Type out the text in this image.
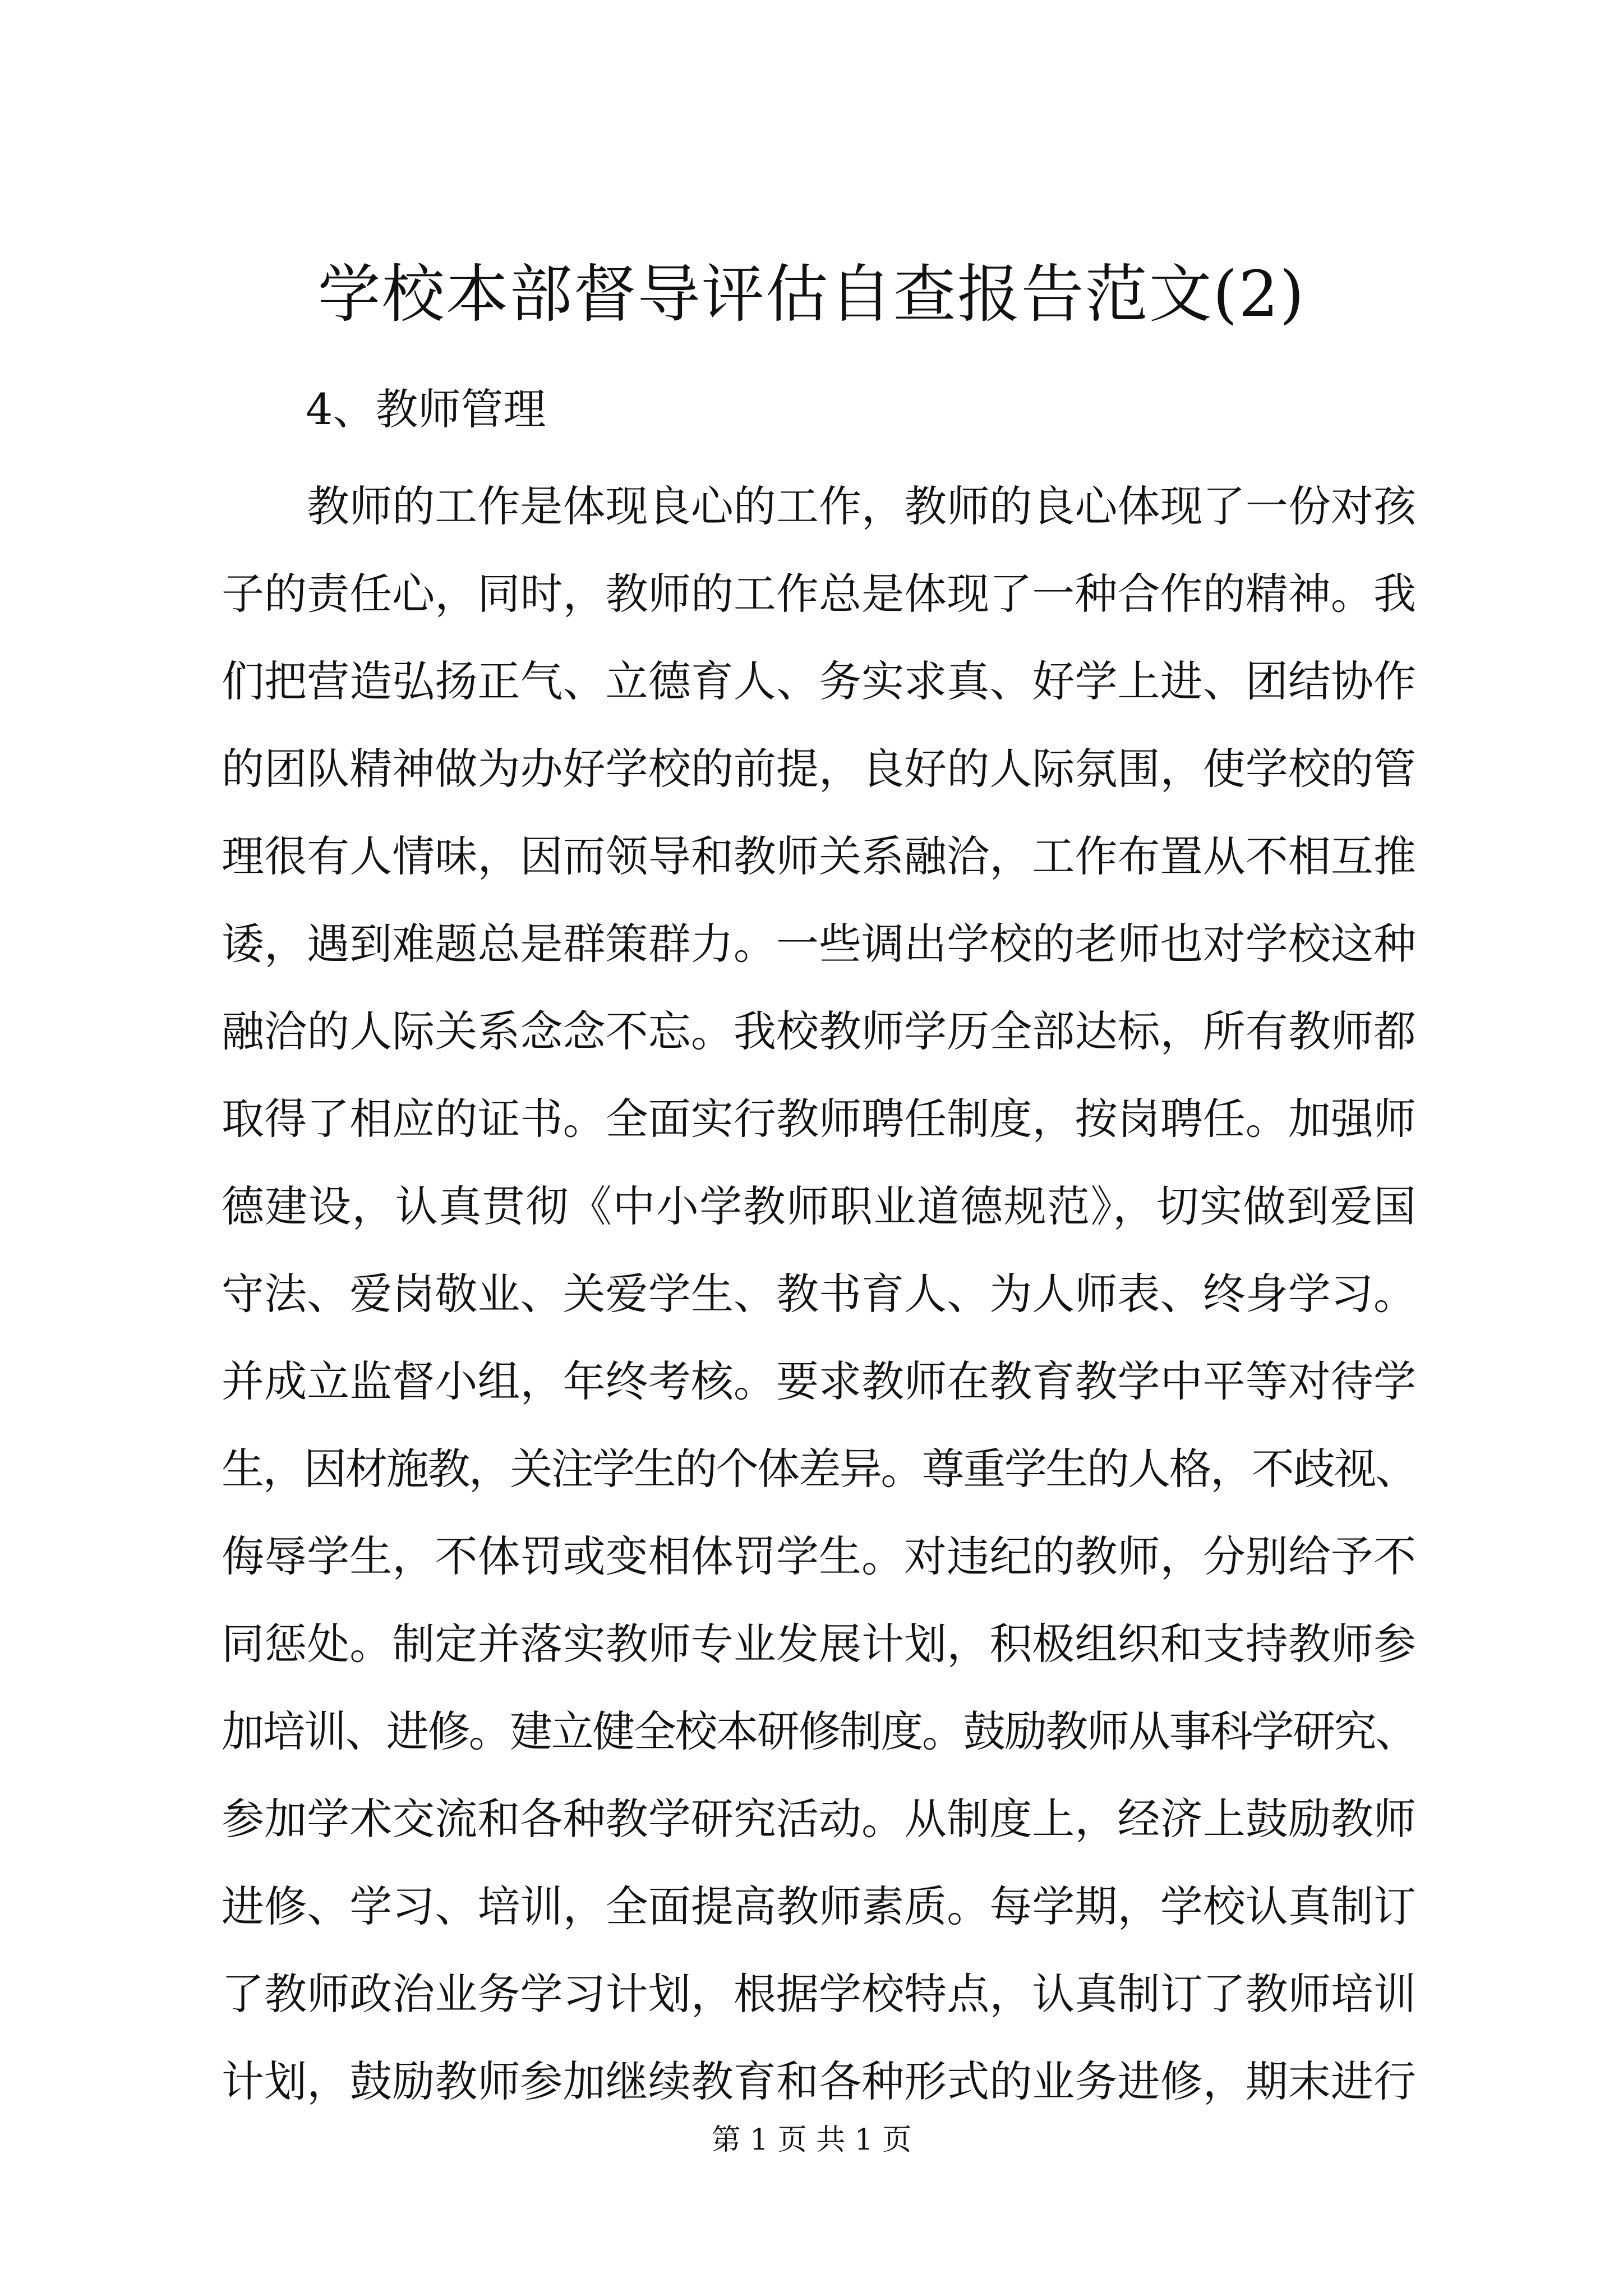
学校本部督导评估自查报告范文(2)

4、教师管理

教师的工作是体现良心的工作，教师的良心体现了一份对孩
子的责任心，同时，教师的工作总是体现了一种合作的精神。我
们把营造弘扬正气、立德育人、务实求真、好学上进、团结协作
的团队精神做为办好学校的前提，良好的人际氛围，使学校的管
理很有人情味，因而领导和教师关系融洽，工作布置从不相互推
诿，遇到难题总是群策群力。一些调出学校的老师也对学校这种
融洽的人际关系念念不忘。我校教师学历全部达标，所有教师都
取得了相应的证书。全面实行教师聘任制度，按岗聘任。加强师
德建设，认真贯彻《中小学教师职业道德规范》，切实做到爱国
守法、爱岗敬业、关爱学生、教书育人、为人师表、终身学习。
并成立监督小组，年终考核。要求教师在教育教学中平等对待学
生，因材施教，关注学生的个体差异。尊重学生的人格，不歧视、
侮辱学生，不体罚或变相体罚学生。对违纪的教师，分别给予不
同惩处。制定并落实教师专业发展计划，积极组织和支持教师参
加培训、进修。建立健全校本研修制度。鼓励教师从事科学研究、
参加学术交流和各种教学研究活动。从制度上，经济上鼓励教师
进修、学习、培训，全面提高教师素质。每学期，学校认真制订
了教师政治业务学习计划，根据学校特点，认真制订了教师培训
计划，鼓励教师参加继续教育和各种形式的业务进修，期末进行

第 1 页 共 1 页
